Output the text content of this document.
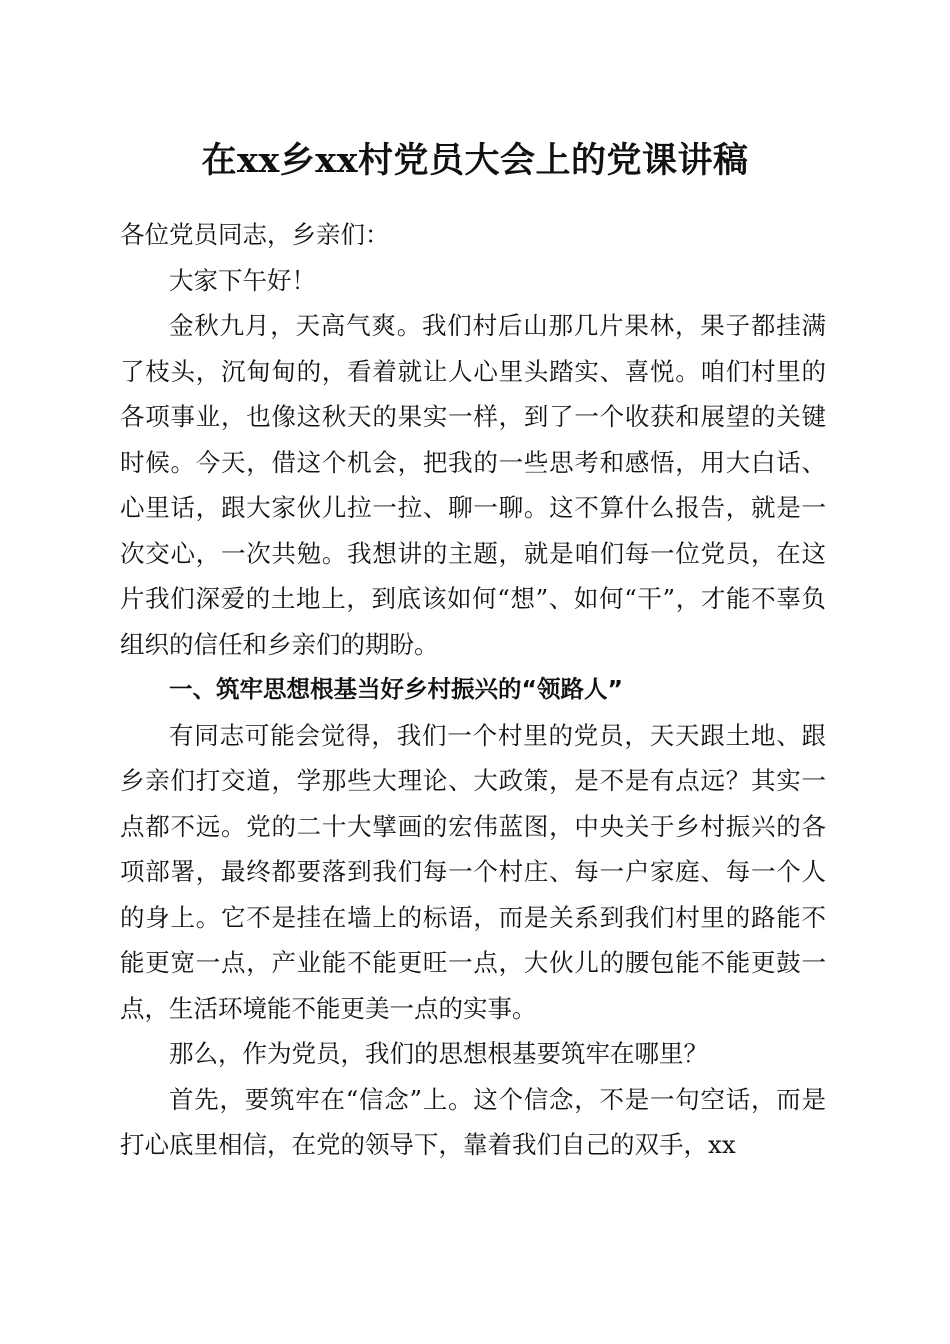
在xx乡xx村党员大会上的党课讲稿

各位党员同志，乡亲们：

大家下午好！

金秋九月，天高气爽。我们村后山那几片果林，果子都挂满了枝头，沉甸甸的，看着就让人心里头踏实、喜悦。咱们村里的各项事业，也像这秋天的果实一样，到了一个收获和展望的关键时候。今天，借这个机会，把我的一些思考和感悟，用大白话、心里话，跟大家伙儿拉一拉、聊一聊。这不算什么报告，就是一次交心，一次共勉。我想讲的主题，就是咱们每一位党员，在这片我们深爱的土地上，到底该如何“想”、如何“干”，才能不辜负组织的信任和乡亲们的期盼。

一、筑牢思想根基当好乡村振兴的“领路人”

有同志可能会觉得，我们一个村里的党员，天天跟土地、跟乡亲们打交道，学那些大理论、大政策，是不是有点远？其实一点都不远。党的二十大擘画的宏伟蓝图，中央关于乡村振兴的各项部署，最终都要落到我们每一个村庄、每一户家庭、每一个人的身上。它不是挂在墙上的标语，而是关系到我们村里的路能不能更宽一点，产业能不能更旺一点，大伙儿的腰包能不能更鼓一点，生活环境能不能更美一点的实事。

那么，作为党员，我们的思想根基要筑牢在哪里？

首先，要筑牢在“信念”上。这个信念，不是一句空话，而是打心底里相信，在党的领导下，靠着我们自己的双手，xx
